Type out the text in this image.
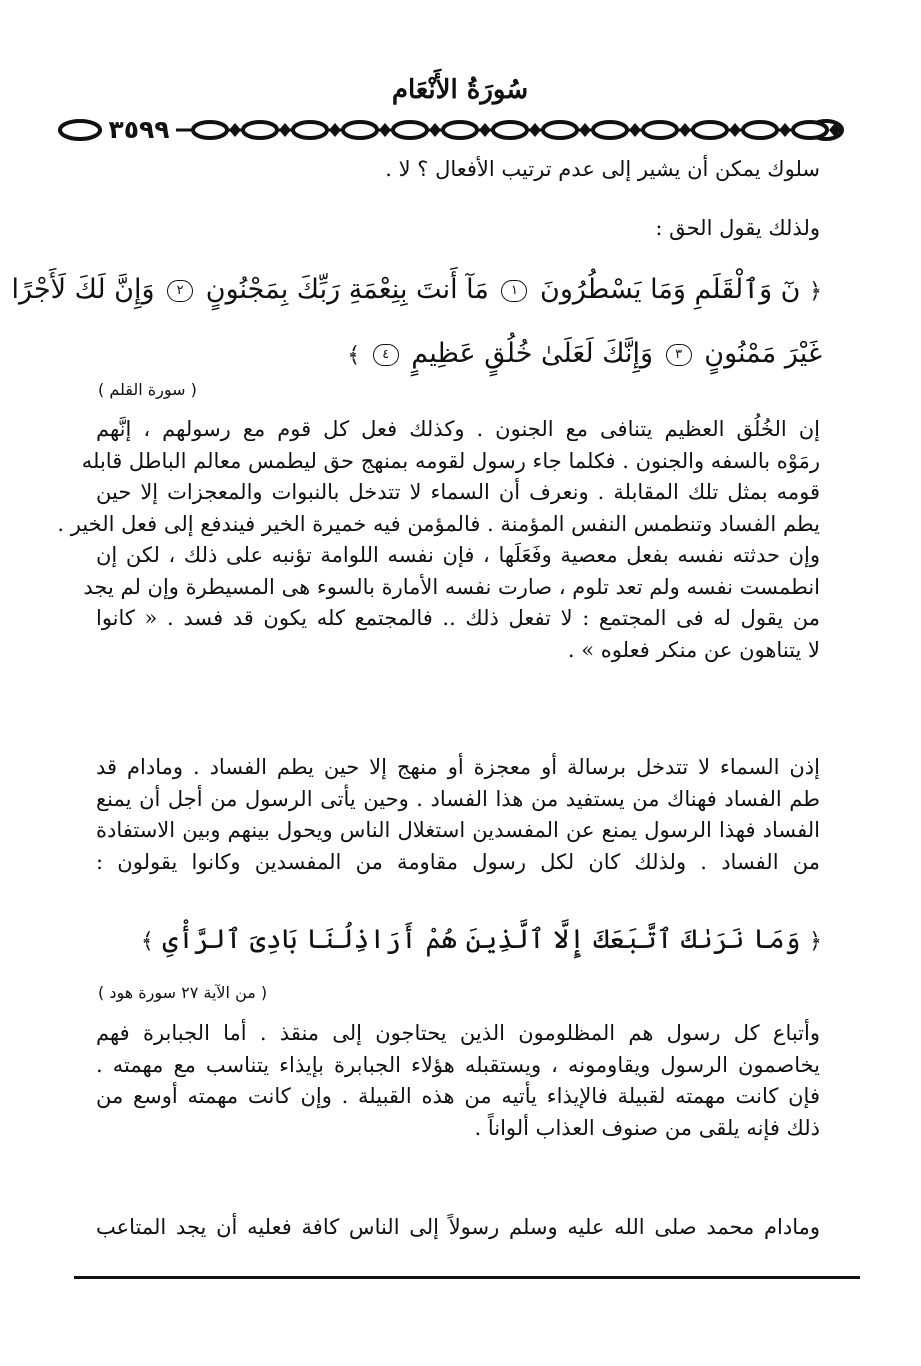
سُورَةُ الأَنْعَام
٣٥٩٩
سلوك يمكن أن يشير إلى عدم ترتيب الأفعال ؟ لا .
ولذلك يقول الحق :
﴿ نٓ وَٱلْقَلَمِ وَمَا يَسْطُرُونَ ١ مَآ أَنتَ بِنِعْمَةِ رَبِّكَ بِمَجْنُونٍ ٢ وَإِنَّ لَكَ لَأَجْرًا
غَيْرَ مَمْنُونٍ ٣ وَإِنَّكَ لَعَلَىٰ خُلُقٍ عَظِيمٍ ٤ ﴾
( سورة القلم )
إن الخُلُق العظيم يتنافى مع الجنون . وكذلك فعل كل قوم مع رسولهم ، إنَّهم
رمَوْه بالسفه والجنون . فكلما جاء رسول لقومه بمنهج حق ليطمس معالم الباطل قابله
قومه بمثل تلك المقابلة . ونعرف أن السماء لا تتدخل بالنبوات والمعجزات إلا حين
يطم الفساد وتنطمس النفس المؤمنة . فالمؤمن فيه خميرة الخير فيندفع إلى فعل الخير .
وإن حدثته نفسه بفعل معصية وفَعَلَها ، فإن نفسه اللوامة تؤنبه على ذلك ، لكن إن
انطمست نفسه ولم تعد تلوم ، صارت نفسه الأمارة بالسوء هى المسيطرة وإن لم يجد
من يقول له فى المجتمع : لا تفعل ذلك .. فالمجتمع كله يكون قد فسد . « كانوا
لا يتناهون عن منكر فعلوه » .
إذن السماء لا تتدخل برسالة أو معجزة أو منهج إلا حين يطم الفساد . ومادام قد
طم الفساد فهناك من يستفيد من هذا الفساد . وحين يأتى الرسول من أجل أن يمنع
الفساد فهذا الرسول يمنع عن المفسدين استغلال الناس ويحول بينهم وبين الاستفادة
من الفساد . ولذلك كان لكل رسول مقاومة من المفسدين وكانوا يقولون :
﴿ وَمَا نَرَىٰكَ ٱتَّبَعَكَ إِلَّا ٱلَّذِينَ هُمْ أَرَاذِلُنَا بَادِىَ ٱلرَّأْىِ ﴾
( من الآية ٢٧ سورة هود )
وأتباع كل رسول هم المظلومون الذين يحتاجون إلى منقذ . أما الجبابرة فهم
يخاصمون الرسول ويقاومونه ، ويستقبله هؤلاء الجبابرة بإيذاء يتناسب مع مهمته .
فإن كانت مهمته لقبيلة فالإيذاء يأتيه من هذه القبيلة . وإن كانت مهمته أوسع من
ذلك فإنه يلقى من صنوف العذاب ألواناً .
ومادام محمد صلى الله عليه وسلم رسولاً إلى الناس كافة فعليه أن يجد المتاعب
